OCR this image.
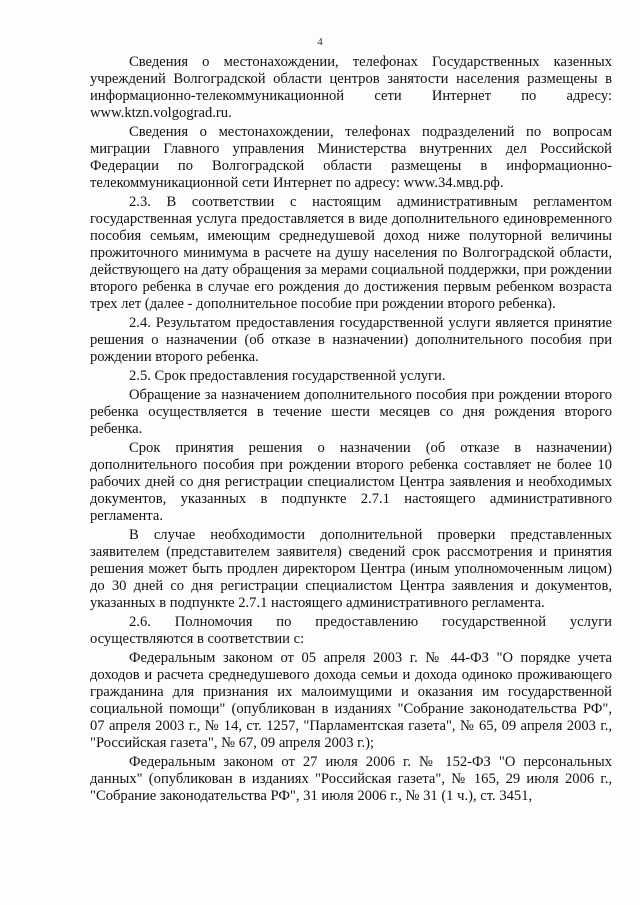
4

Сведения о местонахождении, телефонах Государственных казенных учреждений Волгоградской области центров занятости населения размещены в информационно-телекоммуникационной сети Интернет по адресу: www.ktzn.volgograd.ru.

Сведения о местонахождении, телефонах подразделений по вопросам миграции Главного управления Министерства внутренних дел Российской Федерации по Волгоградской области размещены в информационно-телекоммуникационной сети Интернет по адресу: www.34.мвд.рф.

2.3. В соответствии с настоящим административным регламентом государственная услуга предоставляется в виде дополнительного единовременного пособия семьям, имеющим среднедушевой доход ниже полуторной величины прожиточного минимума в расчете на душу населения по Волгоградской области, действующего на дату обращения за мерами социальной поддержки, при рождении второго ребенка в случае его рождения до достижения первым ребенком возраста трех лет (далее - дополнительное пособие при рождении второго ребенка).

2.4. Результатом предоставления государственной услуги является принятие решения о назначении (об отказе в назначении) дополнительного пособия при рождении второго ребенка.

2.5. Срок предоставления государственной услуги.

Обращение за назначением дополнительного пособия при рождении второго ребенка осуществляется в течение шести месяцев со дня рождения второго ребенка.

Срок принятия решения о назначении (об отказе в назначении) дополнительного пособия при рождении второго ребенка составляет не более 10 рабочих дней со дня регистрации специалистом Центра заявления и необходимых документов, указанных в подпункте 2.7.1 настоящего административного регламента.

В случае необходимости дополнительной проверки представленных заявителем (представителем заявителя) сведений срок рассмотрения и принятия решения может быть продлен директором Центра (иным уполномоченным лицом) до 30 дней со дня регистрации специалистом Центра заявления и документов, указанных в подпункте 2.7.1 настоящего административного регламента.

2.6. Полномочия по предоставлению государственной услуги осуществляются в соответствии с:

Федеральным законом от 05 апреля 2003 г. № 44-ФЗ "О порядке учета доходов и расчета среднедушевого дохода семьи и дохода одиноко проживающего гражданина для признания их малоимущими и оказания им государственной социальной помощи" (опубликован в изданиях "Собрание законодательства РФ", 07 апреля 2003 г., № 14, ст. 1257, "Парламентская газета", № 65, 09 апреля 2003 г., "Российская газета", № 67, 09 апреля 2003 г.);

Федеральным законом от 27 июля 2006 г. № 152-ФЗ "О персональных данных" (опубликован в изданиях "Российская газета", № 165, 29 июля 2006 г., "Собрание законодательства РФ", 31 июля 2006 г., № 31 (1 ч.), ст. 3451,
